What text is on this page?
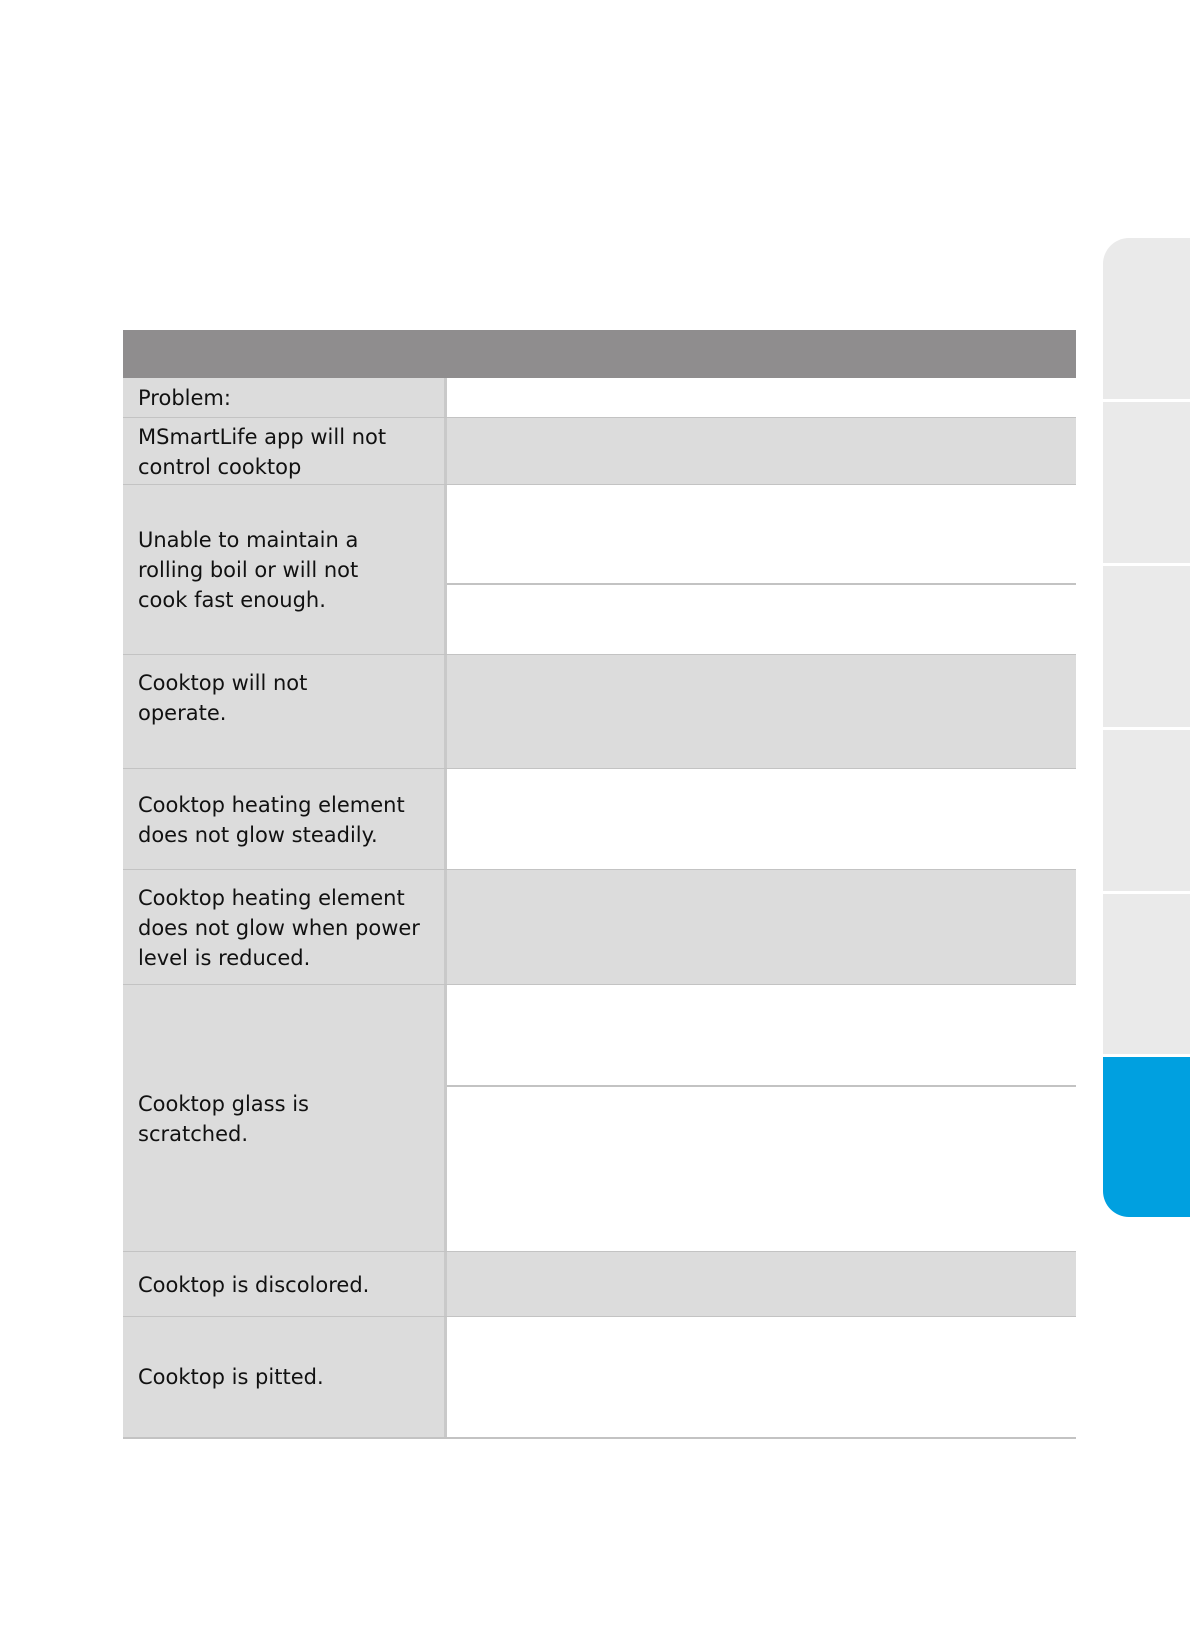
Problem:
MSmartLife app will not
control cooktop
Unable to maintain a
rolling boil or will not
cook fast enough.
Cooktop will not
operate.
Cooktop heating element
does not glow steadily.
Cooktop heating element
does not glow when power
level is reduced.
Cooktop glass is
scratched.
Cooktop is discolored.
Cooktop is pitted.
